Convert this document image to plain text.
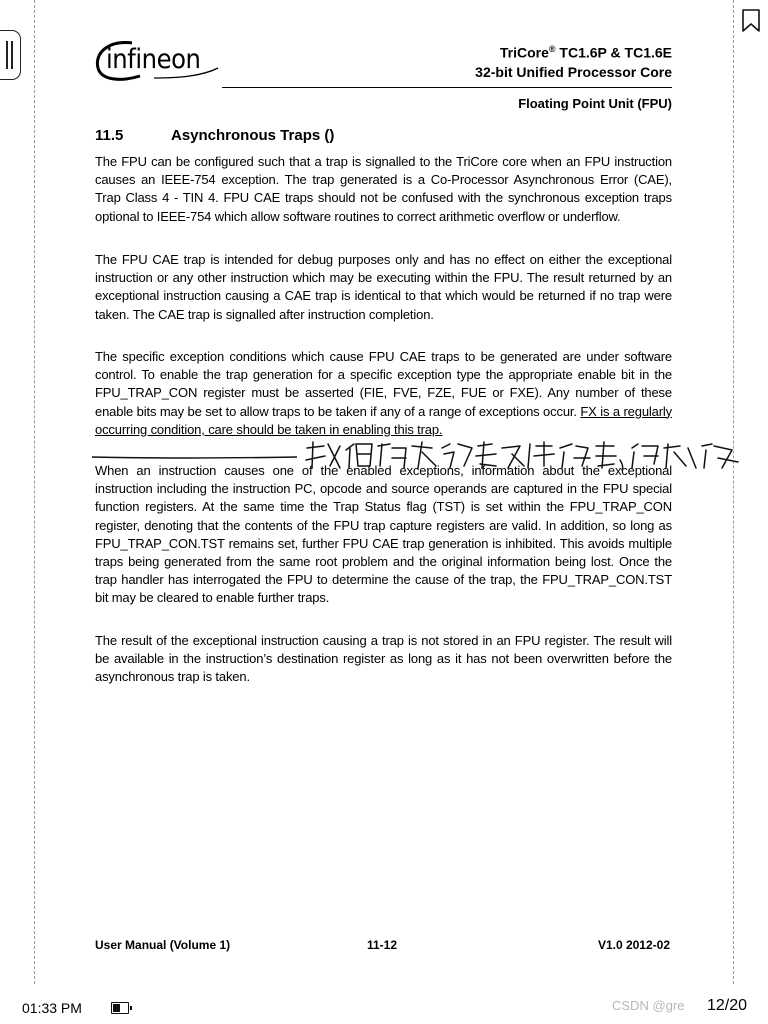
infineon	TriCore® TC1.6P & TC1.6E
32-bit Unified Processor Core
Floating Point Unit (FPU)
11.5	Asynchronous Traps ()
The FPU can be configured such that a trap is signalled to the TriCore core when an FPU instruction causes an IEEE-754 exception. The trap generated is a Co-Processor Asynchronous Error (CAE), Trap Class 4 - TIN 4. FPU CAE traps should not be confused with the synchronous exception traps optional to IEEE-754 which allow software routines to correct arithmetic overflow or underflow.
The FPU CAE trap is intended for debug purposes only and has no effect on either the exceptional instruction or any other instruction which may be executing within the FPU. The result returned by an exceptional instruction causing a CAE trap is identical to that which would be returned if no trap were taken. The CAE trap is signalled after instruction completion.
The specific exception conditions which cause FPU CAE traps to be generated are under software control. To enable the trap generation for a specific exception type the appropriate enable bit in the FPU_TRAP_CON register must be asserted (FIE, FVE, FZE, FUE or FXE). Any number of these enable bits may be set to allow traps to be taken if any of a range of exceptions occur. FX is a regularly occurring condition, care should be taken in enabling this trap.
When an instruction causes one of the enabled exceptions, information about the exceptional instruction including the instruction PC, opcode and source operands are captured in the FPU special function registers. At the same time the Trap Status flag (TST) is set within the FPU_TRAP_CON register, denoting that the contents of the FPU trap capture registers are valid. In addition, so long as FPU_TRAP_CON.TST remains set, further FPU CAE trap generation is inhibited. This avoids multiple traps being generated from the same root problem and the original information being lost. Once the trap handler has interrogated the FPU to determine the cause of the trap, the FPU_TRAP_CON.TST bit may be cleared to enable further traps.
The result of the exceptional instruction causing a trap is not stored in an FPU register. The result will be available in the instruction’s destination register as long as it has not been overwritten before the asynchronous trap is taken.
User Manual (Volume 1)	11-12	V1.0 2012-02
01:33 PM	CSDN @gre 12/20
